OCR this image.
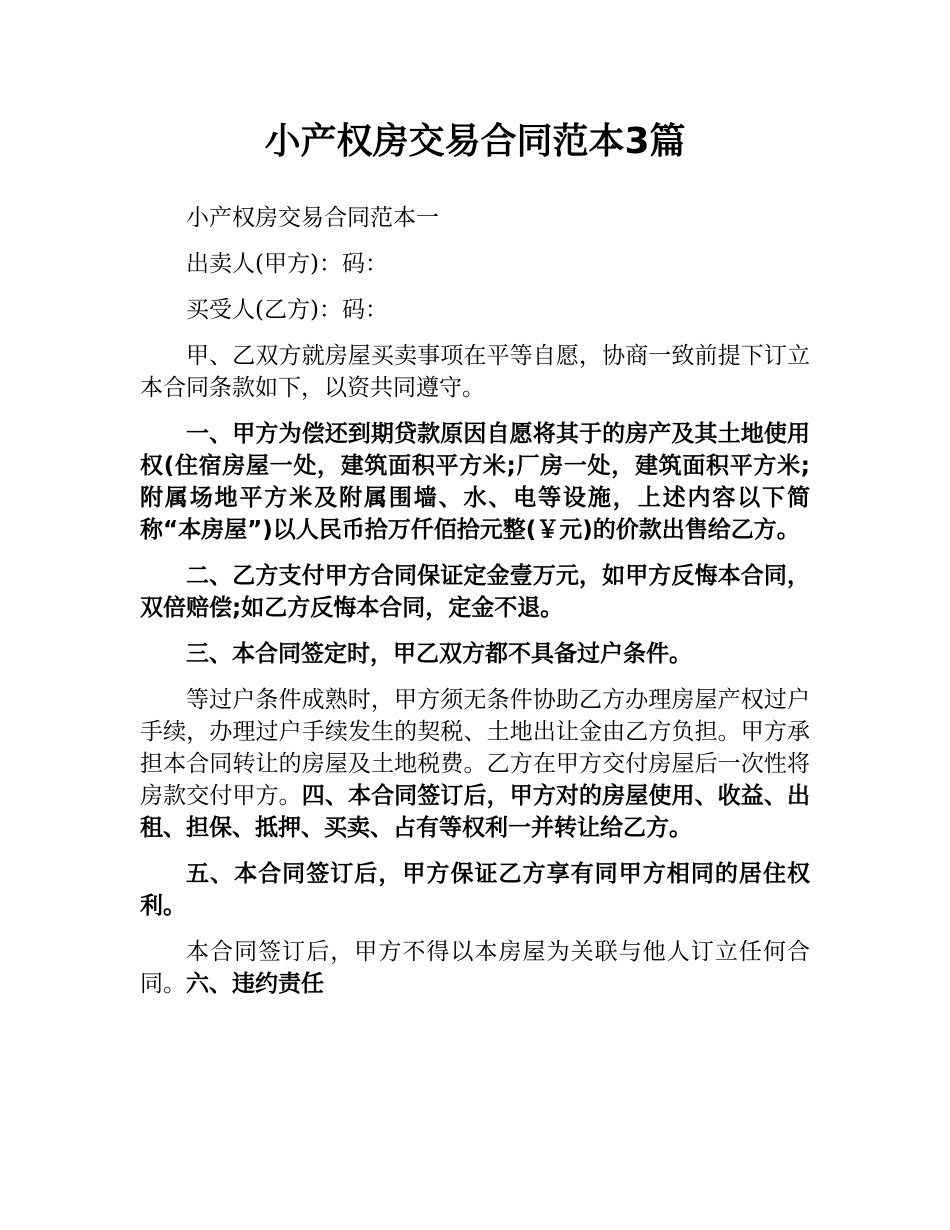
小产权房交易合同范本3篇

小产权房交易合同范本一

出卖人(甲方)：码：

买受人(乙方)：码：

甲、乙双方就房屋买卖事项在平等自愿，协商一致前提下订立本合同条款如下，以资共同遵守。

一、甲方为偿还到期贷款原因自愿将其于的房产及其土地使用权(住宿房屋一处，建筑面积平方米;厂房一处，建筑面积平方米;附属场地平方米及附属围墙、水、电等设施，上述内容以下简称“本房屋”)以人民币拾万仟佰拾元整(￥元)的价款出售给乙方。

二、乙方支付甲方合同保证定金壹万元，如甲方反悔本合同，双倍赔偿;如乙方反悔本合同，定金不退。

三、本合同签定时，甲乙双方都不具备过户条件。

等过户条件成熟时，甲方须无条件协助乙方办理房屋产权过户手续，办理过户手续发生的契税、土地出让金由乙方负担。甲方承担本合同转让的房屋及土地税费。乙方在甲方交付房屋后一次性将房款交付甲方。四、本合同签订后，甲方对的房屋使用、收益、出租、担保、抵押、买卖、占有等权利一并转让给乙方。

五、本合同签订后，甲方保证乙方享有同甲方相同的居住权利。

本合同签订后，甲方不得以本房屋为关联与他人订立任何合同。六、违约责任
